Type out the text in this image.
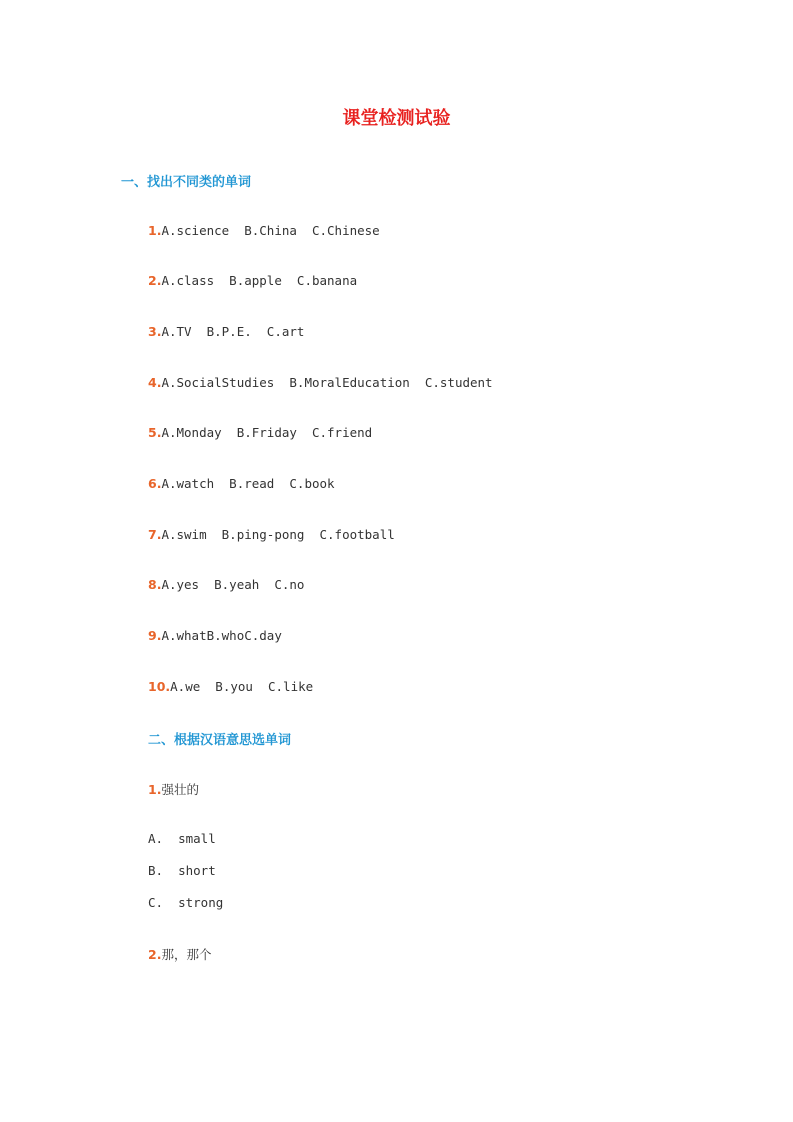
课堂检测试验
一、找出不同类的单词
1.A.science  B.China  C.Chinese
2.A.class  B.apple  C.banana
3.A.TV  B.P.E.  C.art
4.A.SocialStudies  B.MoralEducation  C.student
5.A.Monday  B.Friday  C.friend
6.A.watch  B.read  C.book
7.A.swim  B.ping-pong  C.football
8.A.yes  B.yeah  C.no
9.A.whatB.whoC.day
10.A.we  B.you  C.like
二、根据汉语意思选单词
1.强壮的
A.  small
B.  short
C.  strong
2.那，那个
